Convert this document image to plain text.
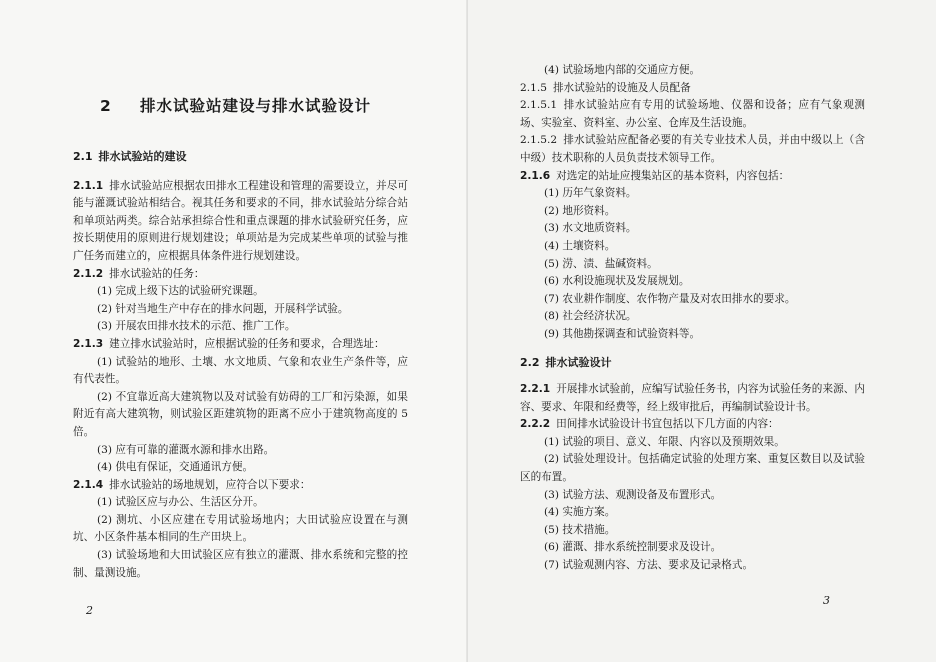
2 排水试验站建设与排水试验设计

2.1 排水试验站的建设

2.1.1 排水试验站应根据农田排水工程建设和管理的需要设立，并尽可能与灌溉试验站相结合。视其任务和要求的不同，排水试验站分综合站和单项站两类。综合站承担综合性和重点课题的排水试验研究任务，应按长期使用的原则进行规划建设；单项站是为完成某些单项的试验与推广任务而建立的，应根据具体条件进行规划建设。

2.1.2 排水试验站的任务：

(1) 完成上级下达的试验研究课题。

(2) 针对当地生产中存在的排水问题，开展科学试验。

(3) 开展农田排水技术的示范、推广工作。

2.1.3 建立排水试验站时，应根据试验的任务和要求，合理选址：

(1) 试验站的地形、土壤、水文地质、气象和农业生产条件等，应有代表性。

(2) 不宜靠近高大建筑物以及对试验有妨碍的工厂和污染源，如果附近有高大建筑物，则试验区距建筑物的距离不应小于建筑物高度的 5 倍。

(3) 应有可靠的灌溉水源和排水出路。

(4) 供电有保证，交通通讯方便。

2.1.4 排水试验站的场地规划，应符合以下要求：

(1) 试验区应与办公、生活区分开。

(2) 测坑、小区应建在专用试验场地内；大田试验应设置在与测坑、小区条件基本相同的生产田块上。

(3) 试验场地和大田试验区应有独立的灌溉、排水系统和完整的控制、量测设施。

2

(4) 试验场地内部的交通应方便。

2.1.5 排水试验站的设施及人员配备

2.1.5.1 排水试验站应有专用的试验场地、仪器和设备；应有气象观测场、实验室、资料室、办公室、仓库及生活设施。

2.1.5.2 排水试验站应配备必要的有关专业技术人员，并由中级以上（含中级）技术职称的人员负责技术领导工作。

2.1.6 对选定的站址应搜集站区的基本资料，内容包括：

(1) 历年气象资料。

(2) 地形资料。

(3) 水文地质资料。

(4) 土壤资料。

(5) 涝、渍、盐碱资料。

(6) 水利设施现状及发展规划。

(7) 农业耕作制度、农作物产量及对农田排水的要求。

(8) 社会经济状况。

(9) 其他勘探调查和试验资料等。

2.2 排水试验设计

2.2.1 开展排水试验前，应编写试验任务书，内容为试验任务的来源、内容、要求、年限和经费等，经上级审批后，再编制试验设计书。

2.2.2 田间排水试验设计书宜包括以下几方面的内容：

(1) 试验的项目、意义、年限、内容以及预期效果。

(2) 试验处理设计。包括确定试验的处理方案、重复区数目以及试验区的布置。

(3) 试验方法、观测设备及布置形式。

(4) 实施方案。

(5) 技术措施。

(6) 灌溉、排水系统控制要求及设计。

(7) 试验观测内容、方法、要求及记录格式。

3
